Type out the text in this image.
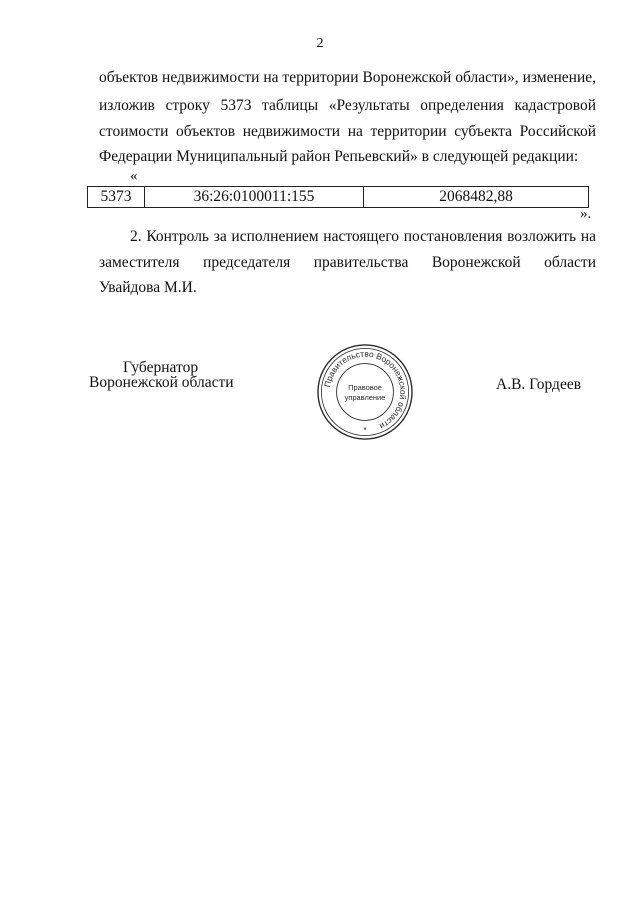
2
объектов недвижимости на территории Воронежской области», изменение,
изложив строку 5373 таблицы «Результаты определения кадастровой
стоимости объектов недвижимости на территории субъекта Российской
Федерации Муниципальный район Репьевский» в следующей редакции:
«
5373	36:26:0100011:155	2068482,88
».
2. Контроль за исполнением настоящего постановления возложить на
заместителя председателя правительства Воронежской области
Увайдова М.И.
Губернатор
Воронежской области	А.В. Гордеев
Правительство Воронежской области
Правовое
управление
*
